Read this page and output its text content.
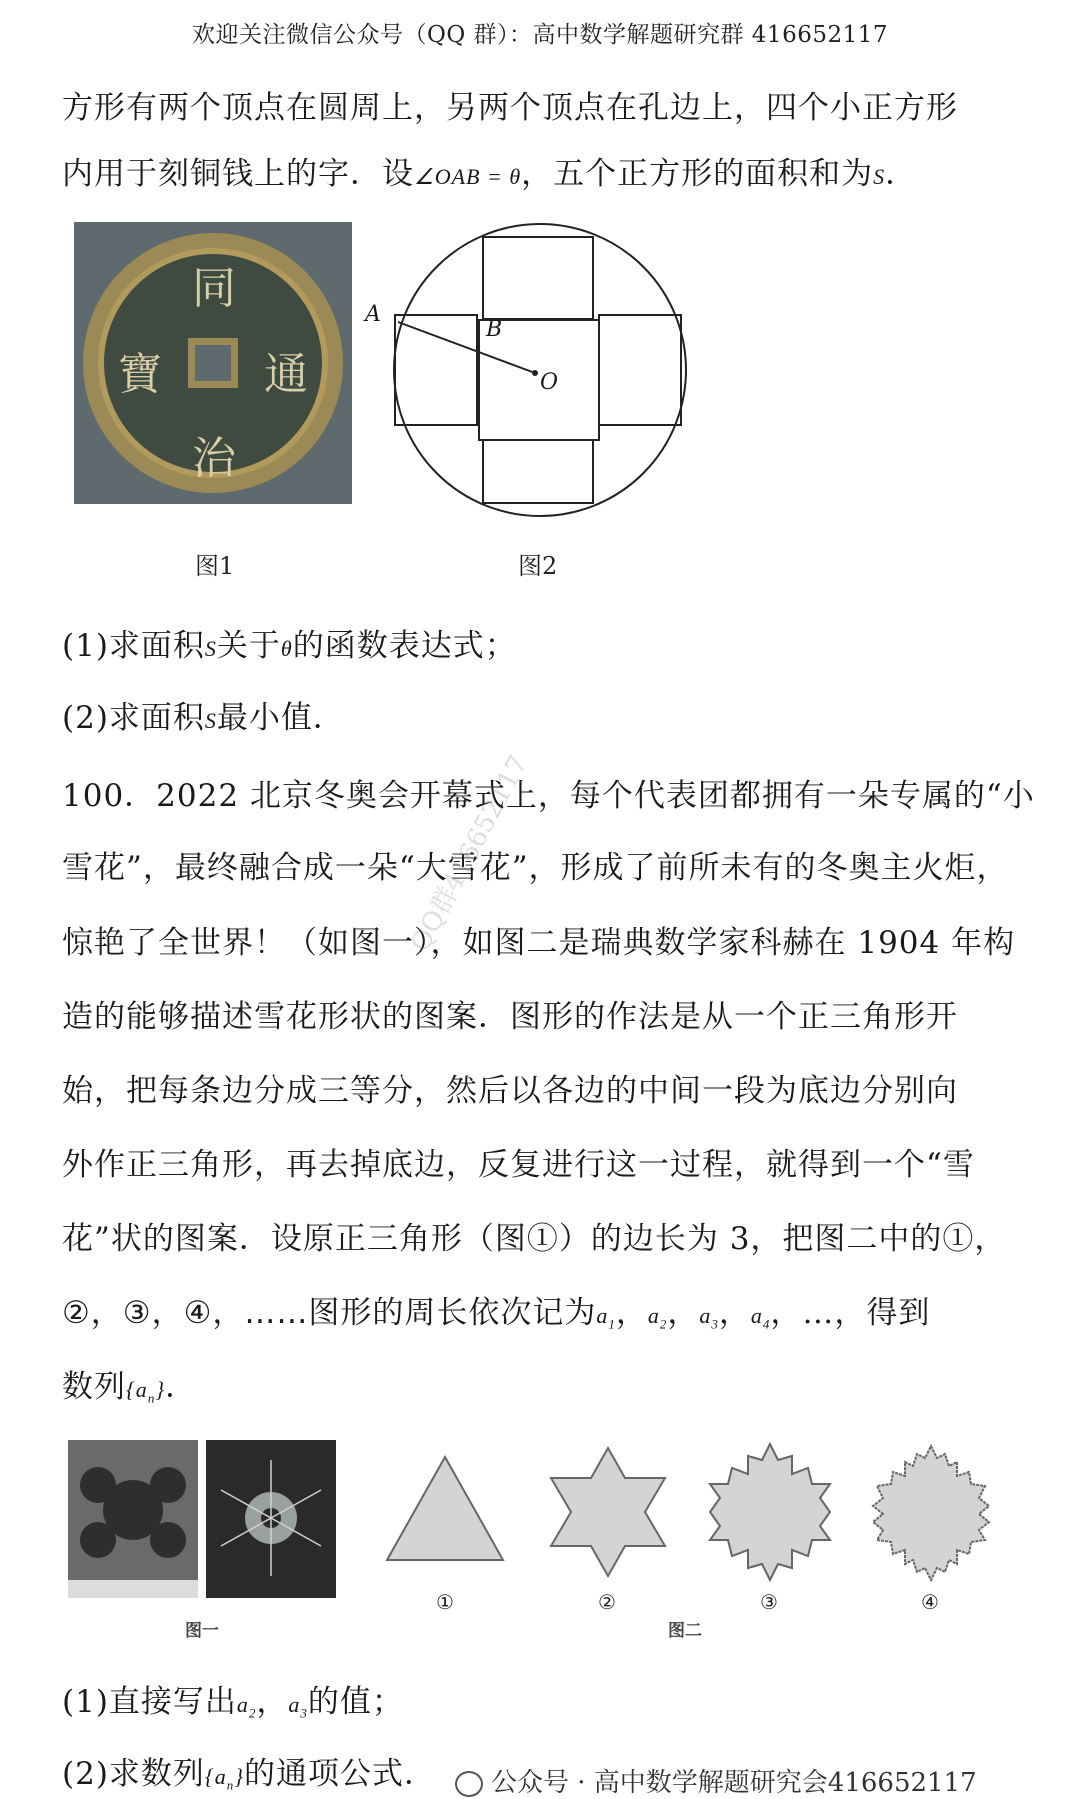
欢迎关注微信公众号（QQ 群）：高中数学解题研究群 416652117
方形有两个顶点在圆周上，另两个顶点在孔边上，四个小正方形
内用于刻铜钱上的字．设∠OAB = θ，五个正方形的面积和为S．
同
通
治
寶
图1
A
B
O
图2
(1)求面积S关于θ的函数表达式；
(2)求面积S最小值．
100．2022 北京冬奥会开幕式上，每个代表团都拥有一朵专属的“小
雪花”，最终融合成一朵“大雪花”，形成了前所未有的冬奥主火炬，
惊艳了全世界！（如图一），如图二是瑞典数学家科赫在 1904 年构
造的能够描述雪花形状的图案．图形的作法是从一个正三角形开
始，把每条边分成三等分，然后以各边的中间一段为底边分别向
外作正三角形，再去掉底边，反复进行这一过程，就得到一个“雪
花”状的图案．设原正三角形（图①）的边长为 3，把图二中的①，
②，③，④，……图形的周长依次记为$a_1$，$a_2$，$a_3$，$a_4$，…，得到
数列$\{a_n\}$．
图一
①	②	③	④
图二
(1)直接写出$a_2$，$a_3$的值；
(2)求数列$\{a_n\}$的通项公式．
QQ群416652117
公众号 · 高中数学解题研究会416652117
